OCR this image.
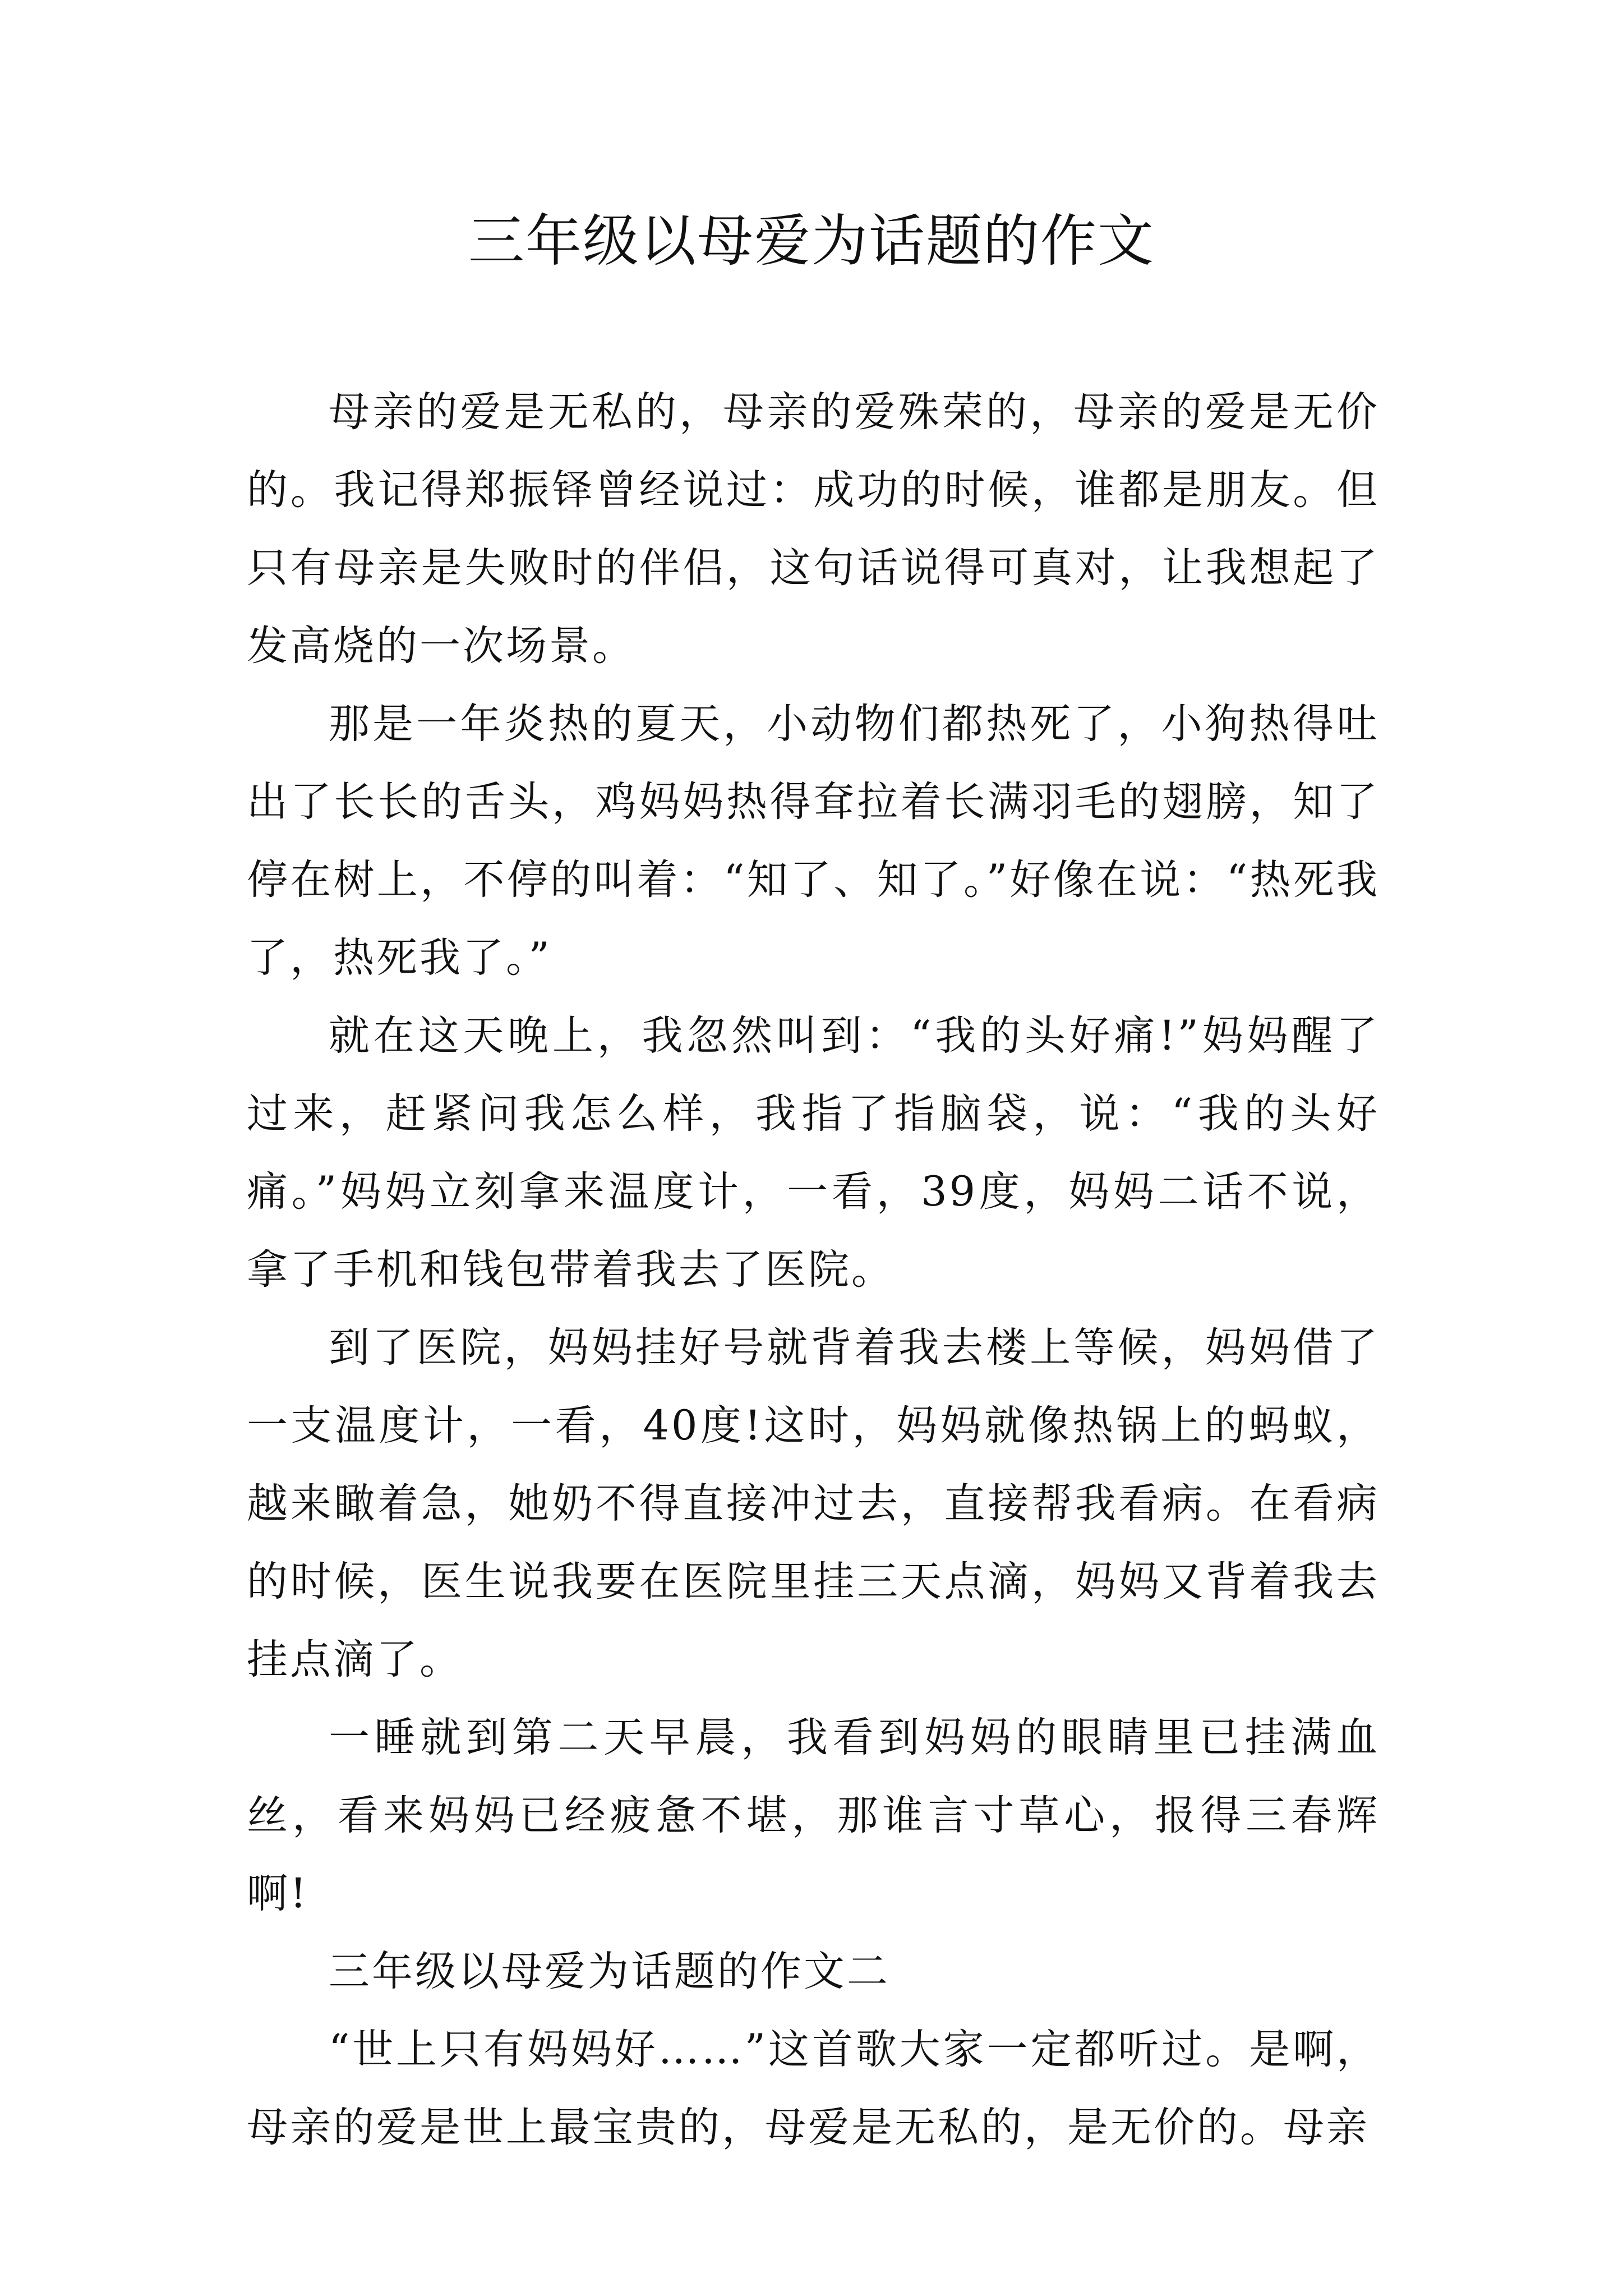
三年级以母爱为话题的作文

母亲的爱是无私的，母亲的爱殊荣的，母亲的爱是无价的。我记得郑振铎曾经说过：成功的时候，谁都是朋友。但只有母亲是失败时的伴侣，这句话说得可真对，让我想起了发高烧的一次场景。

那是一年炎热的夏天，小动物们都热死了，小狗热得吐出了长长的舌头，鸡妈妈热得耷拉着长满羽毛的翅膀，知了停在树上，不停的叫着：“知了、知了。”好像在说：“热死我了，热死我了。”

就在这天晚上，我忽然叫到：“我的头好痛!”妈妈醒了过来，赶紧问我怎么样，我指了指脑袋，说：“我的头好痛。”妈妈立刻拿来温度计，一看，39度，妈妈二话不说，拿了手机和钱包带着我去了医院。

到了医院，妈妈挂好号就背着我去楼上等候，妈妈借了一支温度计，一看，40度!这时，妈妈就像热锅上的蚂蚁，越来瞰着急，她奶不得直接冲过去，直接帮我看病。在看病的时候，医生说我要在医院里挂三天点滴，妈妈又背着我去挂点滴了。

一睡就到第二天早晨，我看到妈妈的眼睛里已挂满血丝，看来妈妈已经疲惫不堪，那谁言寸草心，报得三春辉啊!

三年级以母爱为话题的作文二

“世上只有妈妈好……”这首歌大家一定都听过。是啊，母亲的爱是世上最宝贵的，母爱是无私的，是无价的。母亲
